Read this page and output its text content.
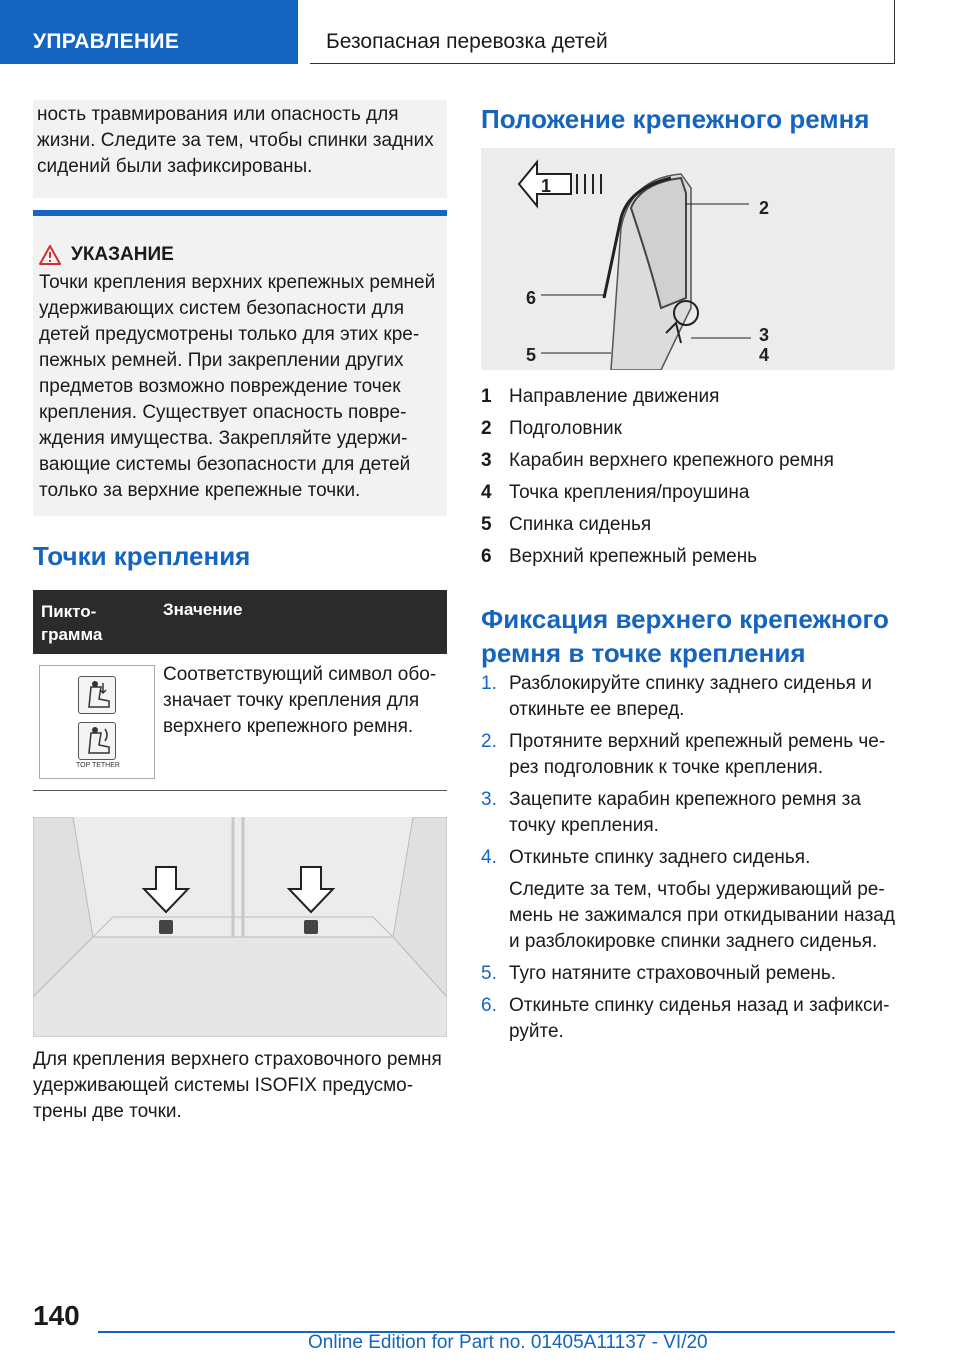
УПРАВЛЕНИЕ	Безопасная перевозка детей
ность травмирования или опасность для жизни. Следите за тем, чтобы спинки задних сидений были зафиксированы.
УКАЗАНИЕ
Точки крепления верхних крепежных ремней удерживающих систем безопасности для детей предусмотрены только для этих крепежных ремней. При закреплении других предметов возможно повреждение точек крепления. Существует опасность повреждения имущества. Закрепляйте удерживающие системы безопасности для детей только за верхние крепежные точки.
Точки крепления
Пикто-
грамма
Значение
TOP TETHER
Соответствующий символ обозначает точку крепления для верхнего крепежного ремня.
Для крепления верхнего страховочного ремня удерживающей системы ISOFIX предусмотрены две точки.
Положение крепежного ремня
1
2
3
4
5
6
1 Направление движения
2 Подголовник
3 Карабин верхнего крепежного ремня
4 Точка крепления/проушина
5 Спинка сиденья
6 Верхний крепежный ремень
Фиксация верхнего крепежного ремня в точке крепления
1. Разблокируйте спинку заднего сиденья и откиньте ее вперед.
2. Протяните верхний крепежный ремень через подголовник к точке крепления.
3. Зацепите карабин крепежного ремня за точку крепления.
4. Откиньте спинку заднего сиденья.
Следите за тем, чтобы удерживающий ремень не зажимался при откидывании назад и разблокировке спинки заднего сиденья.
5. Туго натяните страховочный ремень.
6. Откиньте спинку сиденья назад и зафиксируйте.
140
Online Edition for Part no. 01405A11137 - VI/20
